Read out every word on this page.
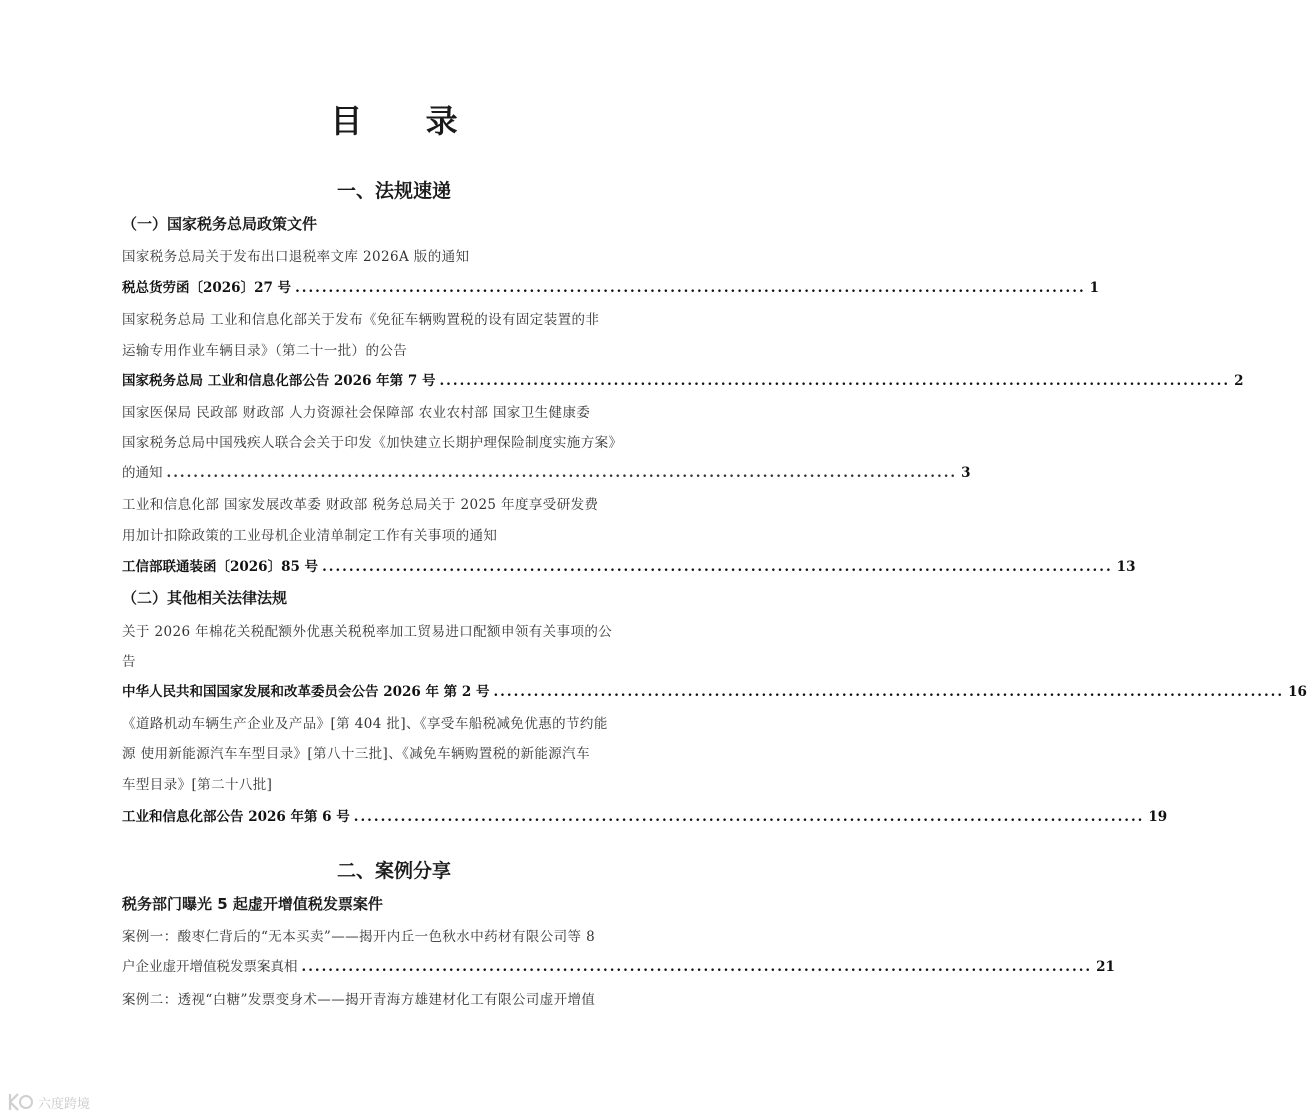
目 录
一、法规速递
（一）国家税务总局政策文件
国家税务总局关于发布出口退税率文库 2026A 版的通知
税总货劳函〔2026〕27 号 ...................................................................................................................... 1
国家税务总局 工业和信息化部关于发布《免征车辆购置税的设有固定装置的非
运输专用作业车辆目录》（第二十一批）的公告
国家税务总局 工业和信息化部公告 2026 年第 7 号 ...................................................................................................................... 2
国家医保局 民政部 财政部 人力资源社会保障部 农业农村部 国家卫生健康委
国家税务总局中国残疾人联合会关于印发《加快建立长期护理保险制度实施方案》
的通知 ...................................................................................................................... 3
工业和信息化部 国家发展改革委 财政部 税务总局关于 2025 年度享受研发费
用加计扣除政策的工业母机企业清单制定工作有关事项的通知
工信部联通装函〔2026〕85 号 ...................................................................................................................... 13
（二）其他相关法律法规
关于 2026 年棉花关税配额外优惠关税税率加工贸易进口配额申领有关事项的公
告
中华人民共和国国家发展和改革委员会公告 2026 年 第 2 号 ...................................................................................................................... 16
《道路机动车辆生产企业及产品》[第 404 批]、《享受车船税减免优惠的节约能
源 使用新能源汽车车型目录》[第八十三批]、《减免车辆购置税的新能源汽车
车型目录》[第二十八批]
工业和信息化部公告 2026 年第 6 号 ...................................................................................................................... 19
二、案例分享
税务部门曝光 5 起虚开增值税发票案件
案例一：酸枣仁背后的“无本买卖”——揭开内丘一色秋水中药材有限公司等 8
户企业虚开增值税发票案真相 ...................................................................................................................... 21
案例二：透视“白糖”发票变身术——揭开青海方雄建材化工有限公司虚开增值
六度跨境
